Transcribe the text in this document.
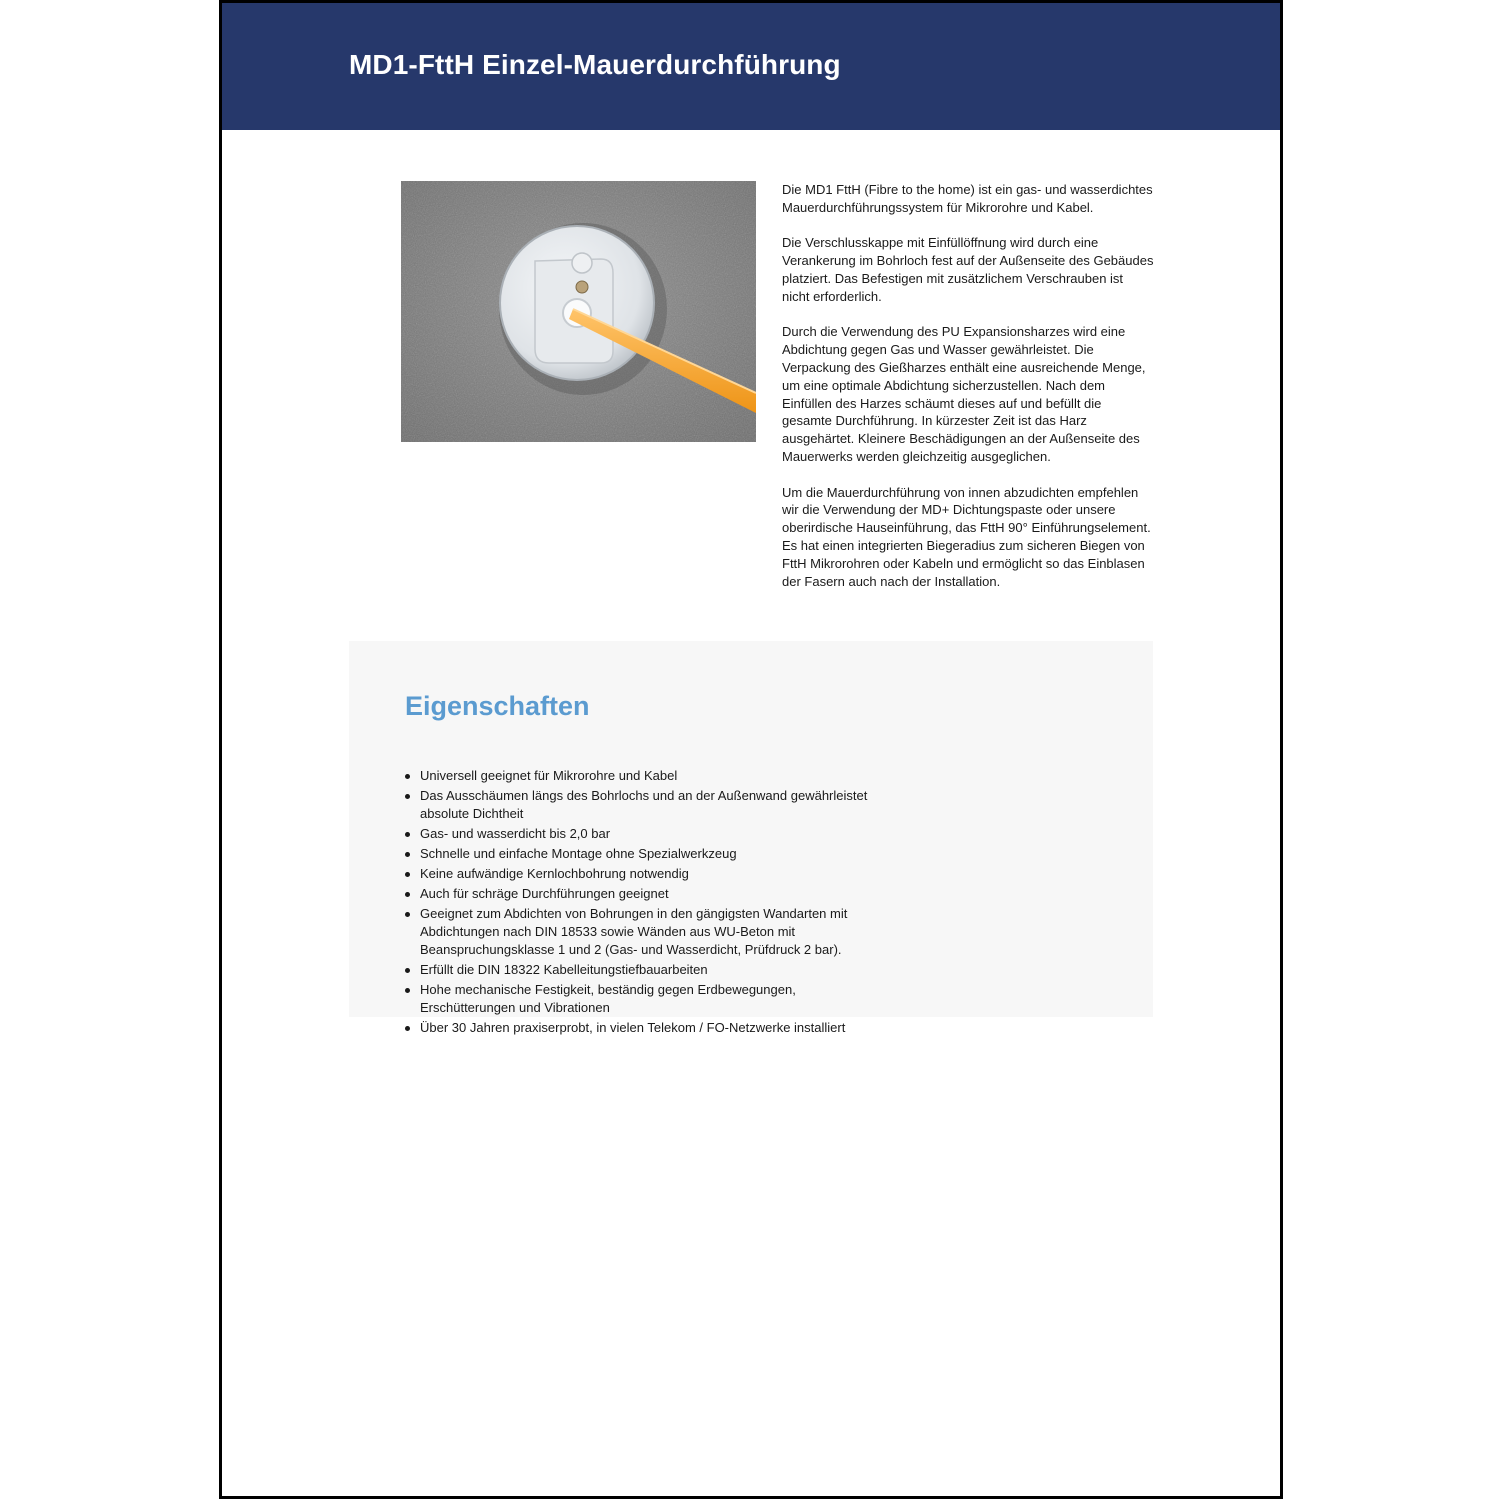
MD1-FttH Einzel-Mauerdurchführung

Die MD1 FttH (Fibre to the home) ist ein gas- und wasserdichtes Mauerdurchführungssystem für Mikrorohre und Kabel.

Die Verschlusskappe mit Einfüllöffnung wird durch eine Verankerung im Bohrloch fest auf der Außenseite des Gebäudes platziert. Das Befestigen mit zusätzlichem Verschrauben ist nicht erforderlich.

Durch die Verwendung des PU Expansionsharzes wird eine Abdichtung gegen Gas und Wasser gewährleistet. Die Verpackung des Gießharzes enthält eine ausreichende Menge, um eine optimale Abdichtung sicherzustellen. Nach dem Einfüllen des Harzes schäumt dieses auf und befüllt die gesamte Durchführung. In kürzester Zeit ist das Harz ausgehärtet. Kleinere Beschädigungen an der Außenseite des Mauerwerks werden gleichzeitig ausgeglichen.

Um die Mauerdurchführung von innen abzudichten empfehlen wir die Verwendung der MD+ Dichtungspaste oder unsere oberirdische Hauseinführung, das FttH 90° Einführungselement. Es hat einen integrierten Biegeradius zum sicheren Biegen von FttH Mikrorohren oder Kabeln und ermöglicht so das Einblasen der Fasern auch nach der Installation.

Eigenschaften
Universell geeignet für Mikrorohre und Kabel
Das Ausschäumen längs des Bohrlochs und an der Außenwand gewährleistet absolute Dichtheit
Gas- und wasserdicht bis 2,0 bar
Schnelle und einfache Montage ohne Spezialwerkzeug
Keine aufwändige Kernlochbohrung notwendig
Auch für schräge Durchführungen geeignet
Geeignet zum Abdichten von Bohrungen in den gängigsten Wandarten mit Abdichtungen nach DIN 18533 sowie Wänden aus WU-Beton mit Beanspruchungsklasse 1 und 2 (Gas- und Wasserdicht, Prüfdruck 2 bar).
Erfüllt die DIN 18322 Kabelleitungstiefbauarbeiten
Hohe mechanische Festigkeit, beständig gegen Erdbewegungen, Erschütterungen und Vibrationen
Über 30 Jahren praxiserprobt, in vielen Telekom / FO-Netzwerke installiert
